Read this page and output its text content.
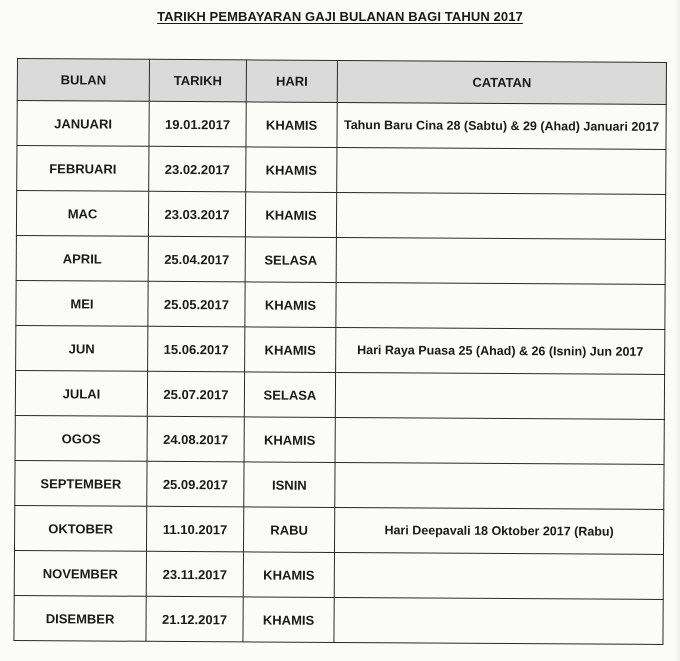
TARIKH PEMBAYARAN GAJI BULANAN BAGI TAHUN 2017
BULAN	TARIKH	HARI	CATATAN
JANUARI	19.01.2017	KHAMIS	Tahun Baru Cina 28 (Sabtu) & 29 (Ahad) Januari 2017
FEBRUARI	23.02.2017	KHAMIS	
MAC	23.03.2017	KHAMIS	
APRIL	25.04.2017	SELASA	
MEI	25.05.2017	KHAMIS	
JUN	15.06.2017	KHAMIS	Hari Raya Puasa 25 (Ahad) & 26 (Isnin) Jun 2017
JULAI	25.07.2017	SELASA	
OGOS	24.08.2017	KHAMIS	
SEPTEMBER	25.09.2017	ISNIN	
OKTOBER	11.10.2017	RABU	Hari Deepavali 18 Oktober 2017 (Rabu)
NOVEMBER	23.11.2017	KHAMIS	
DISEMBER	21.12.2017	KHAMIS	
